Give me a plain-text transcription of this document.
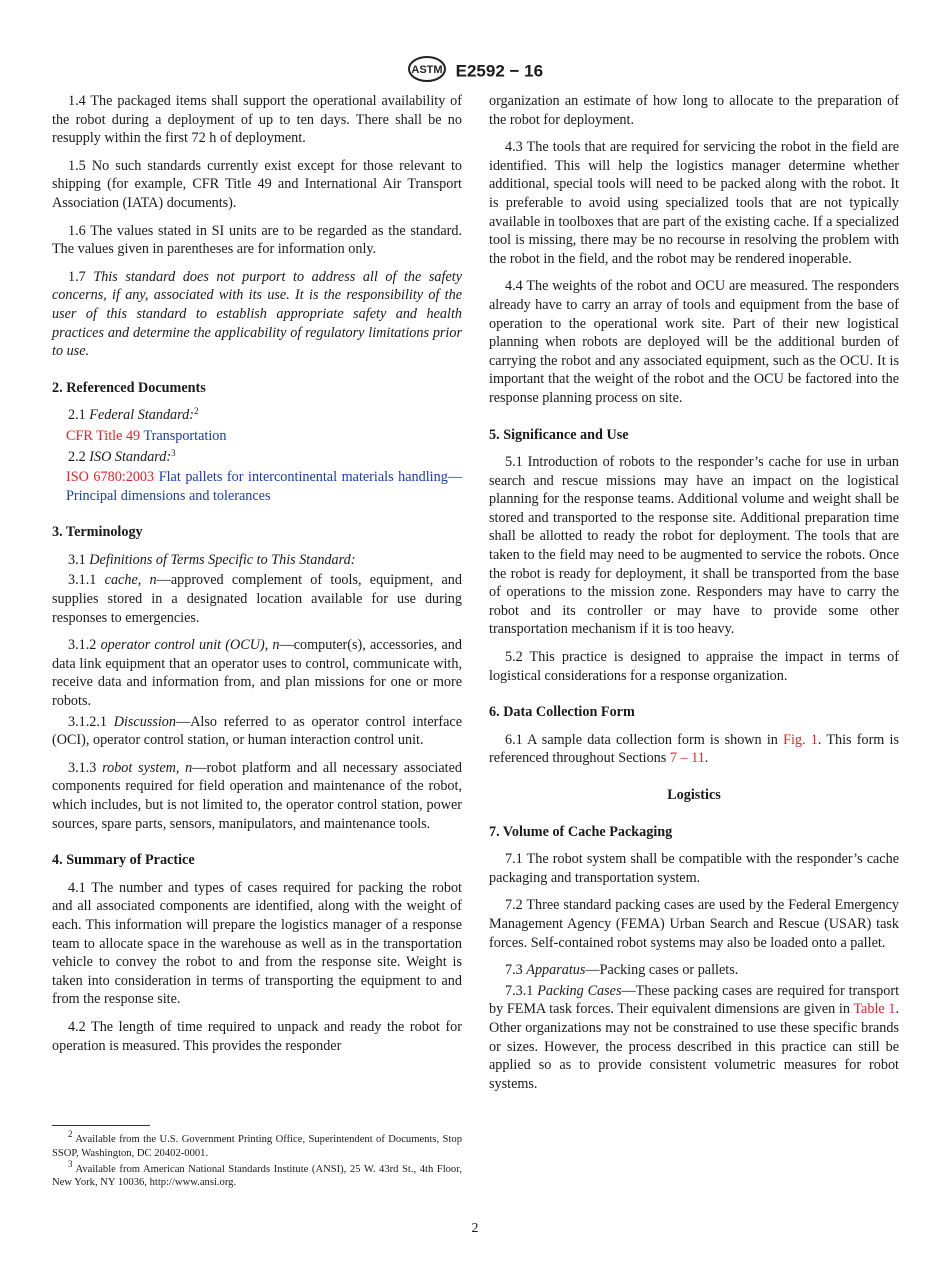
ASTM E2592 − 16

1.4 The packaged items shall support the operational availability of the robot during a deployment of up to ten days. There shall be no resupply within the first 72 h of deployment.

1.5 No such standards currently exist except for those relevant to shipping (for example, CFR Title 49 and International Air Transport Association (IATA) documents).

1.6 The values stated in SI units are to be regarded as the standard. The values given in parentheses are for information only.

1.7 This standard does not purport to address all of the safety concerns, if any, associated with its use. It is the responsibility of the user of this standard to establish appropriate safety and health practices and determine the applicability of regulatory limitations prior to use.

2. Referenced Documents

2.1 Federal Standard:$^2$

CFR Title 49 Transportation

2.2 ISO Standard:$^3$

ISO 6780:2003 Flat pallets for intercontinental materials handling—Principal dimensions and tolerances

3. Terminology

3.1 Definitions of Terms Specific to This Standard:

3.1.1 cache, n—approved complement of tools, equipment, and supplies stored in a designated location available for use during responses to emergencies.

3.1.2 operator control unit (OCU), n—computer(s), accessories, and data link equipment that an operator uses to control, communicate with, receive data and information from, and plan missions for one or more robots.

3.1.2.1 Discussion—Also referred to as operator control interface (OCI), operator control station, or human interaction control unit.

3.1.3 robot system, n—robot platform and all necessary associated components required for field operation and maintenance of the robot, which includes, but is not limited to, the operator control station, power sources, spare parts, sensors, manipulators, and maintenance tools.

4. Summary of Practice

4.1 The number and types of cases required for packing the robot and all associated components are identified, along with the weight of each. This information will prepare the logistics manager of a response team to allocate space in the warehouse as well as in the transportation vehicle to convey the robot to and from the response site. Weight is taken into consideration in terms of transporting the equipment to and from the response site.

4.2 The length of time required to unpack and ready the robot for operation is measured. This provides the responder

$^2$ Available from the U.S. Government Printing Office, Superintendent of Documents, Stop SSOP, Washington, DC 20402-0001.

$^3$ Available from American National Standards Institute (ANSI), 25 W. 43rd St., 4th Floor, New York, NY 10036, http://www.ansi.org.

organization an estimate of how long to allocate to the preparation of the robot for deployment.

4.3 The tools that are required for servicing the robot in the field are identified. This will help the logistics manager determine whether additional, special tools will need to be packed along with the robot. It is preferable to avoid using specialized tools that are not typically available in toolboxes that are part of the existing cache. If a specialized tool is missing, there may be no recourse in resolving the problem with the robot in the field, and the robot may be rendered inoperable.

4.4 The weights of the robot and OCU are measured. The responders already have to carry an array of tools and equipment from the base of operation to the operational work site. Part of their new logistical planning when robots are deployed will be the additional burden of carrying the robot and any associated equipment, such as the OCU. It is important that the weight of the robot and the OCU be factored into the response planning process on site.

5. Significance and Use

5.1 Introduction of robots to the responder’s cache for use in urban search and rescue missions may have an impact on the logistical planning for the response teams. Additional volume and weight shall be stored and transported to the response site. Additional preparation time shall be allotted to ready the robot for deployment. The tools that are taken to the field may need to be augmented to service the robots. Once the robot is ready for deployment, it shall be transported from the base of operations to the mission zone. Responders may have to carry the robot and its controller or may have to provide some other transportation mechanism if it is too heavy.

5.2 This practice is designed to appraise the impact in terms of logistical considerations for a response organization.

6. Data Collection Form

6.1 A sample data collection form is shown in Fig. 1. This form is referenced throughout Sections 7 – 11.

Logistics
7. Volume of Cache Packaging

7.1 The robot system shall be compatible with the responder’s cache packaging and transportation system.

7.2 Three standard packing cases are used by the Federal Emergency Management Agency (FEMA) Urban Search and Rescue (USAR) task forces. Self-contained robot systems may also be loaded onto a pallet.

7.3 Apparatus—Packing cases or pallets.

7.3.1 Packing Cases—These packing cases are required for transport by FEMA task forces. Their equivalent dimensions are given in Table 1. Other organizations may not be constrained to use these specific brands or sizes. However, the process described in this practice can still be applied so as to provide consistent volumetric measures for robot systems.

2
